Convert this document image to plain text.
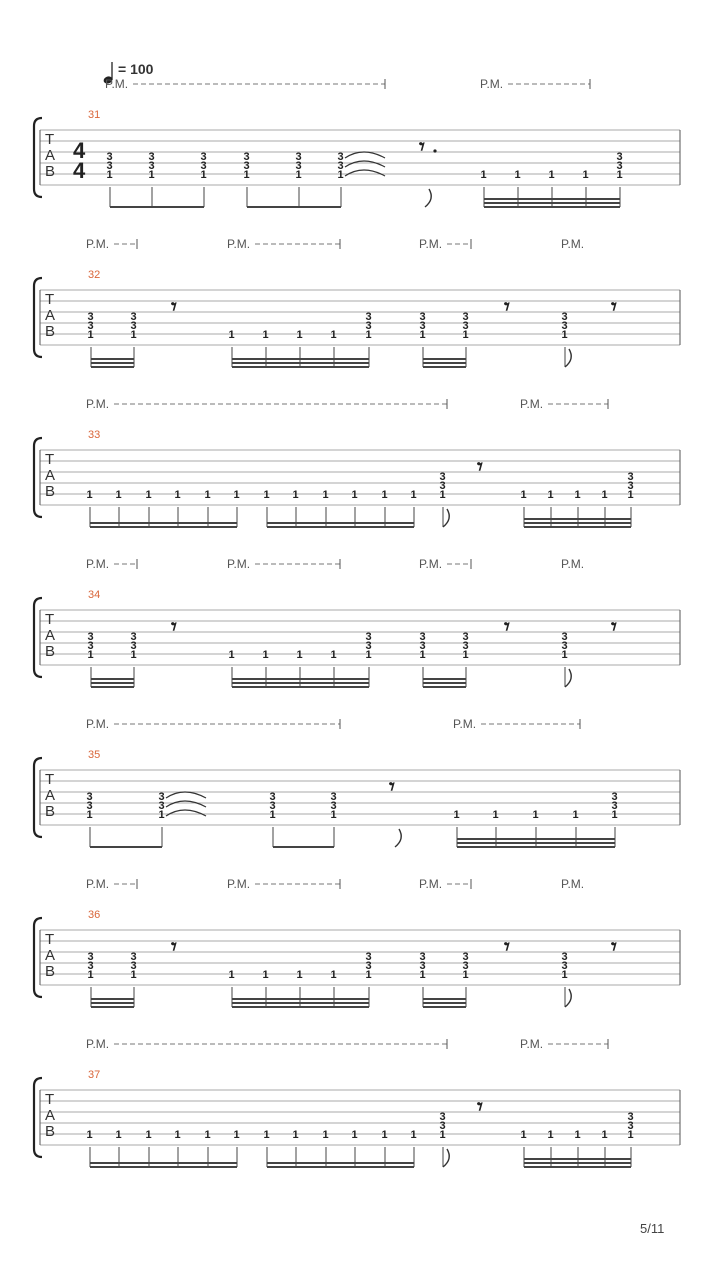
= 100
P.M.	P.M.
31
T
A
B
4
4
3
3
1
3
3
1
3
3
1
3
3
1
3
3
1
3
3
1
𝄾
1	1	1	1
3
3
1
P.M.	P.M.	P.M.	P.M.
32
T
A
B
3
3
1
3
3
1
𝄾
1	1	1	1
3
3
1
3
3
1
3
3
1
𝄾	3
3
1
𝄾
P.M.	P.M.
33
T
A
B	1 1 1 1 1 1 1 1 1 1 1 1
3
3
1
𝄾
1 1 1 1
3
3
1
P.M.	P.M.	P.M.	P.M.
34
T
A
B
3
3
1
3
3
1
𝄾
1	1	1	1
3
3
1
3
3
1
3
3
1
𝄾	3
3
1
𝄾
P.M.	P.M.
35
T
A
B
3
3
1
3
3
1
3
3
1
3
3
1
𝄾
1	1	1	1
3
3
1
P.M.	P.M.	P.M.	P.M.
36
T
A
B
3
3
1
3
3
1
𝄾
1	1	1	1
3
3
1
3
3
1
3
3
1
𝄾	3
3
1
𝄾
P.M.	P.M.
37
T
A
B	1 1 1 1 1 1 1 1 1 1 1 1
3
3
1
𝄾
1 1 1 1
3
3
1
5/11
